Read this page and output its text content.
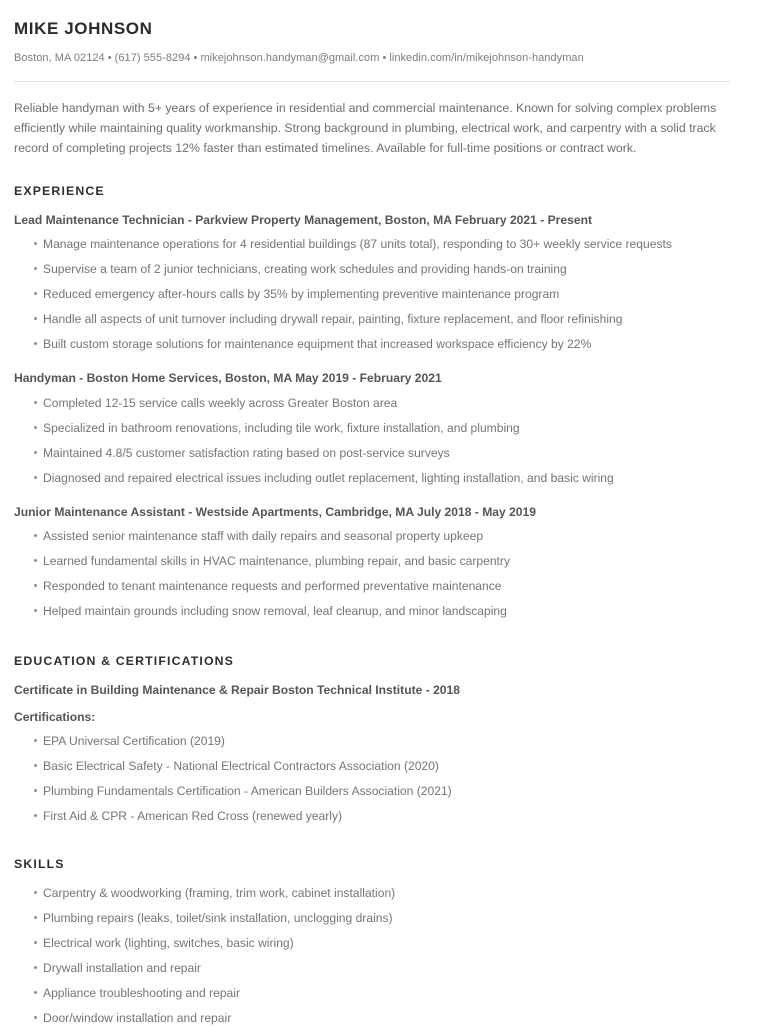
MIKE JOHNSON

Boston, MA 02124 • (617) 555-8294 • mikejohnson.handyman@gmail.com • linkedin.com/in/mikejohnson-handyman

Reliable handyman with 5+ years of experience in residential and commercial maintenance. Known for solving complex problems efficiently while maintaining quality workmanship. Strong background in plumbing, electrical work, and carpentry with a solid track record of completing projects 12% faster than estimated timelines. Available for full-time positions or contract work.

EXPERIENCE

Lead Maintenance Technician - Parkview Property Management, Boston, MA February 2021 - Present

Manage maintenance operations for 4 residential buildings (87 units total), responding to 30+ weekly service requests
Supervise a team of 2 junior technicians, creating work schedules and providing hands-on training
Reduced emergency after-hours calls by 35% by implementing preventive maintenance program
Handle all aspects of unit turnover including drywall repair, painting, fixture replacement, and floor refinishing
Built custom storage solutions for maintenance equipment that increased workspace efficiency by 22%

Handyman - Boston Home Services, Boston, MA May 2019 - February 2021

Completed 12-15 service calls weekly across Greater Boston area
Specialized in bathroom renovations, including tile work, fixture installation, and plumbing
Maintained 4.8/5 customer satisfaction rating based on post-service surveys
Diagnosed and repaired electrical issues including outlet replacement, lighting installation, and basic wiring

Junior Maintenance Assistant - Westside Apartments, Cambridge, MA July 2018 - May 2019

Assisted senior maintenance staff with daily repairs and seasonal property upkeep
Learned fundamental skills in HVAC maintenance, plumbing repair, and basic carpentry
Responded to tenant maintenance requests and performed preventative maintenance
Helped maintain grounds including snow removal, leaf cleanup, and minor landscaping
EDUCATION & CERTIFICATIONS

Certificate in Building Maintenance & Repair Boston Technical Institute - 2018

Certifications:

EPA Universal Certification (2019)
Basic Electrical Safety - National Electrical Contractors Association (2020)
Plumbing Fundamentals Certification - American Builders Association (2021)
First Aid & CPR - American Red Cross (renewed yearly)
SKILLS
Carpentry & woodworking (framing, trim work, cabinet installation)
Plumbing repairs (leaks, toilet/sink installation, unclogging drains)
Electrical work (lighting, switches, basic wiring)
Drywall installation and repair
Appliance troubleshooting and repair
Door/window installation and repair
